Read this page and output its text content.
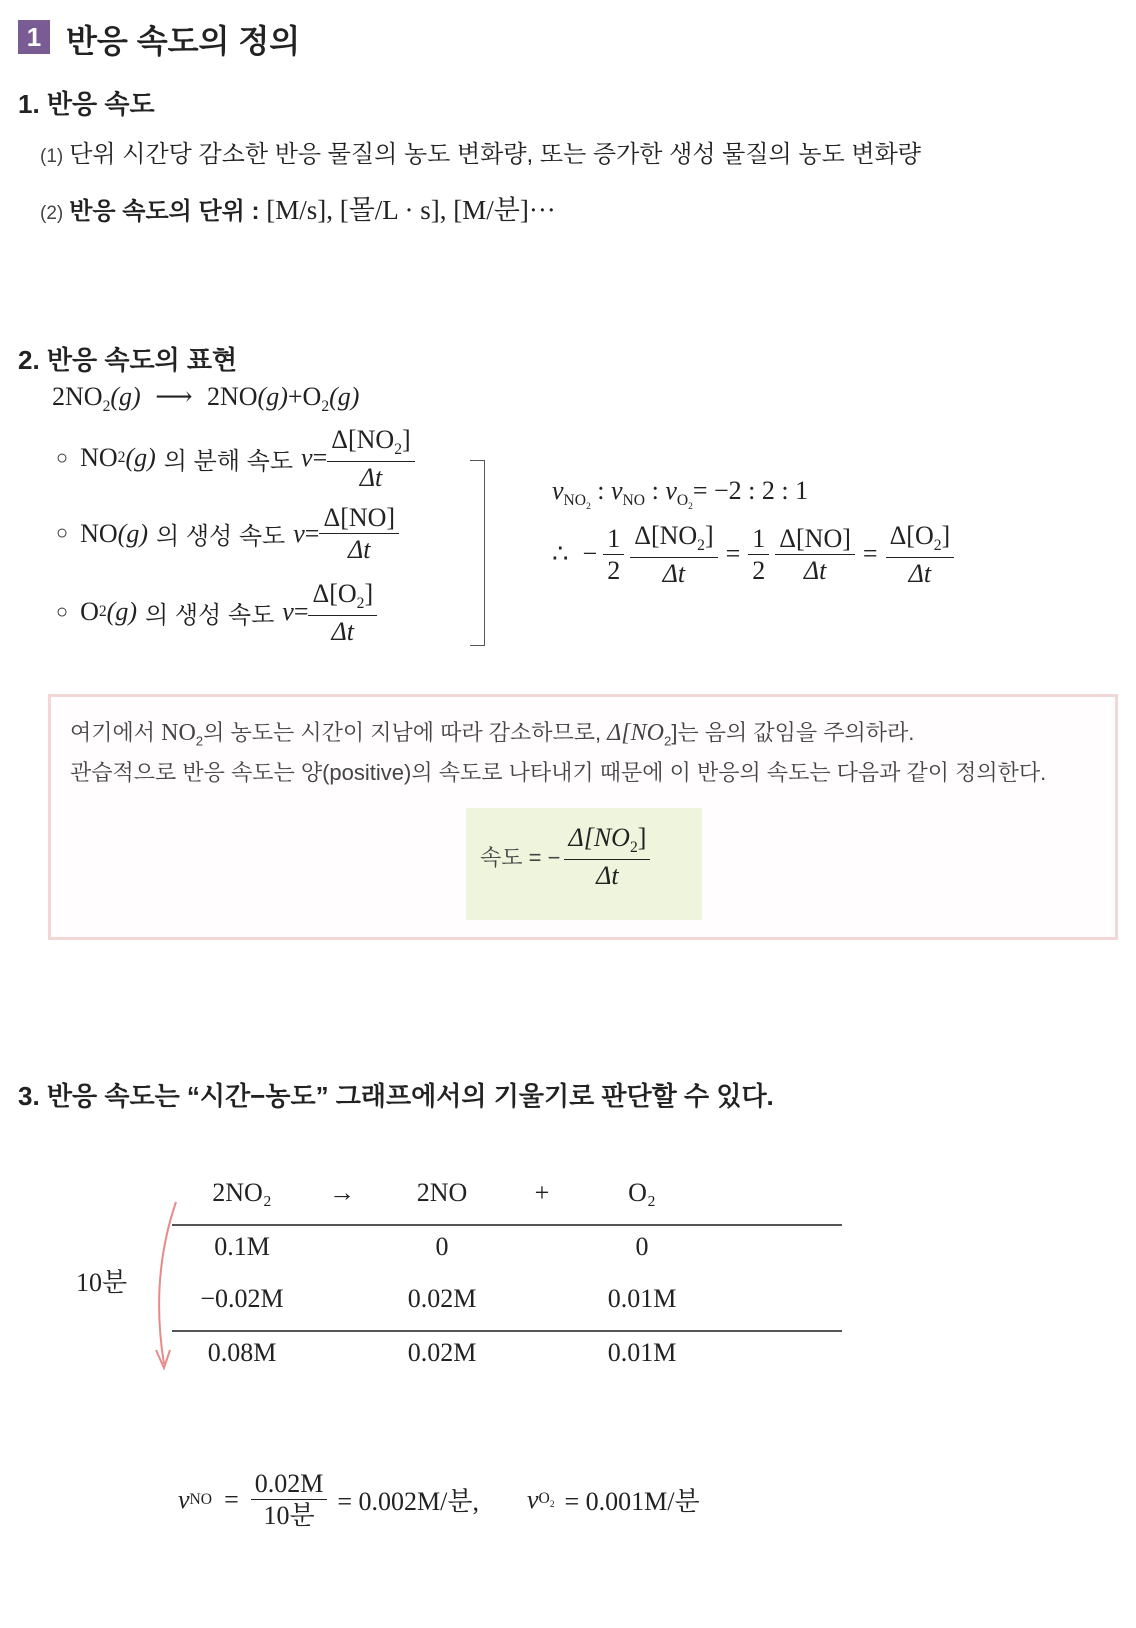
1 반응 속도의 정의
1. 반응 속도
(1) 단위 시간당 감소한 반응 물질의 농도 변화량, 또는 증가한 생성 물질의 농도 변화량
(2) 반응 속도의 단위 : [M/s], [몰/L · s], [M/분]···
2. 반응 속도의 표현
$2NO_2(g)$ ⟶ $2NO(g)+O_2(g)$
○ NO 2 (g) 의 분해 속도 $v = \frac{\Delta[NO_2]}{\Delta t}$
○ NO (g) 의 생성 속도 $v = \frac{\Delta[NO]}{\Delta t}$
○ O 2 (g) 의 생성 속도 $v = \frac{\Delta[O_2]}{\Delta t}$
$v_{NO_2}$ : $v_{NO}$ : $v_{O_2}= -2$ : 2 : 1
∴ − $\frac{1}{2} \frac{\Delta[NO_2]}{\Delta t} = \frac{1}{2} \frac{\Delta[NO]}{\Delta t} = \frac{\Delta[O_2]}{\Delta t}$
여기에서 $NO_2$의 농도는 시간이 지남에 따라 감소하므로, $\Delta[NO_2]$는 음의 값임을 주의하라.
관습적으로 반응 속도는 양(positive)의 속도로 나타내기 때문에 이 반응의 속도는 다음과 같이 정의한다.
속도 = − $\frac{\Delta[NO_2]}{\Delta t}$
3. 반응 속도는 “시간−농도” 그래프에서의 기울기로 판단할 수 있다.
10분
2NO₂	→	2NO	+	O₂
0.1M	0	0
−0.02M	0.02M	0.01M
0.08M	0.02M	0.01M
v NO = $\frac{0.02M}{\text{10분}} = 0.002M/$분, v $O_2 = 0.001M/$분
